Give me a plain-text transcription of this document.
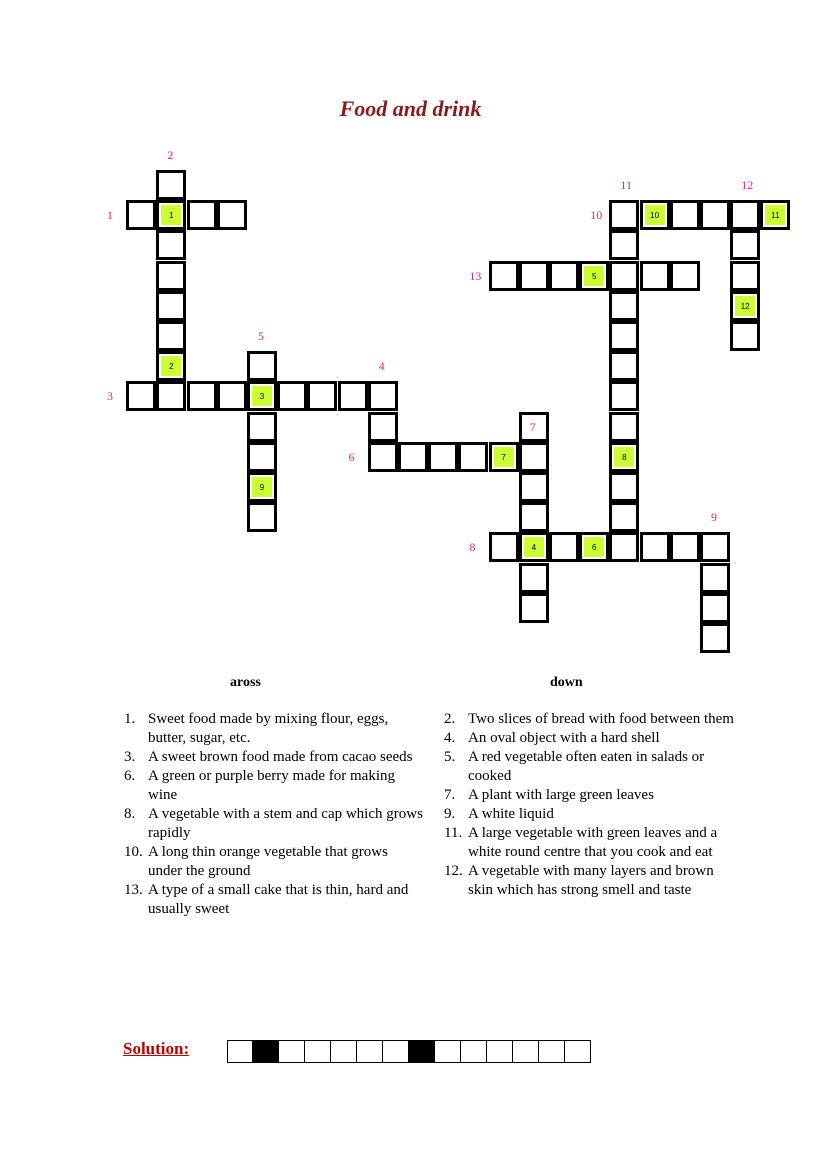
Food and drink
1
2
3
9
7
4	6
10	11
8
5
12
2
1
11	12
10
13
5
4
3
7
6
9
8
aross	down
1. Sweet food made by mixing flour, eggs, butter, sugar, etc.
3. A sweet brown food made from cacao seeds
6. A green or purple berry made for making wine
8. A vegetable with a stem and cap which grows rapidly
10. A long thin orange vegetable that grows under the ground
13. A type of a small cake that is thin, hard and usually sweet
2. Two slices of bread with food between them
4. An oval object with a hard shell
5. A red vegetable often eaten in salads or cooked
7. A plant with large green leaves
9. A white liquid
11. A large vegetable with green leaves and a white round centre that you cook and eat
12. A vegetable with many layers and brown skin which has strong smell and taste
Solution:
